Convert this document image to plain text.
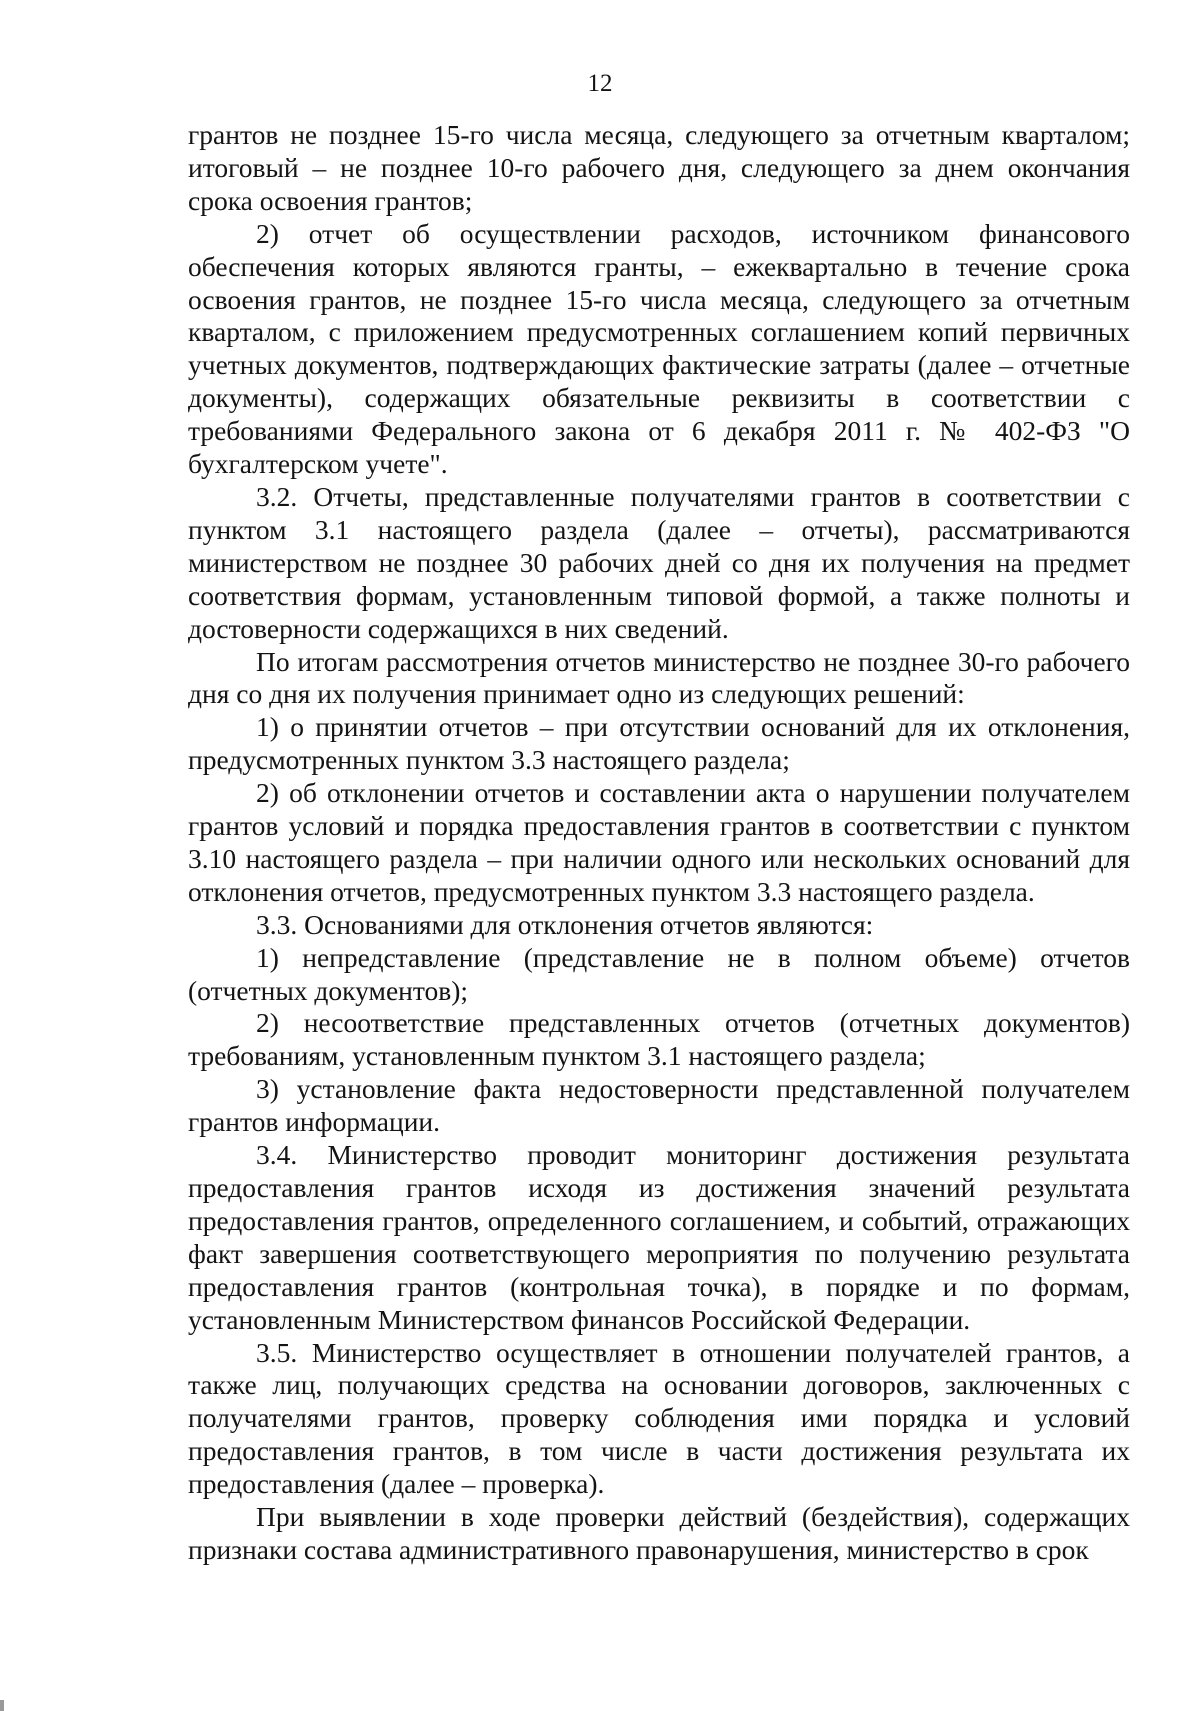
12

грантов не позднее 15-го числа месяца, следующего за отчетным кварталом; итоговый – не позднее 10-го рабочего дня, следующего за днем окончания срока освоения грантов;

2) отчет об осуществлении расходов, источником финансового обеспечения которых являются гранты, – ежеквартально в течение срока освоения грантов, не позднее 15-го числа месяца, следующего за отчетным кварталом, с приложением предусмотренных соглашением копий первичных учетных документов, подтверждающих фактические затраты (далее – отчетные документы), содержащих обязательные реквизиты в соответствии с требованиями Федерального закона от 6 декабря 2011 г. № 402-ФЗ "О бухгалтерском учете".

3.2. Отчеты, представленные получателями грантов в соответствии с пунктом 3.1 настоящего раздела (далее – отчеты), рассматриваются министерством не позднее 30 рабочих дней со дня их получения на предмет соответствия формам, установленным типовой формой, а также полноты и достоверности содержащихся в них сведений.

По итогам рассмотрения отчетов министерство не позднее 30-го рабочего дня со дня их получения принимает одно из следующих решений:

1) о принятии отчетов – при отсутствии оснований для их отклонения, предусмотренных пунктом 3.3 настоящего раздела;

2) об отклонении отчетов и составлении акта о нарушении получателем грантов условий и порядка предоставления грантов в соответствии с пунктом 3.10 настоящего раздела – при наличии одного или нескольких оснований для отклонения отчетов, предусмотренных пунктом 3.3 настоящего раздела.

3.3. Основаниями для отклонения отчетов являются:

1) непредставление (представление не в полном объеме) отчетов (отчетных документов);

2) несоответствие представленных отчетов (отчетных документов) требованиям, установленным пунктом 3.1 настоящего раздела;

3) установление факта недостоверности представленной получателем грантов информации.

3.4. Министерство проводит мониторинг достижения результата предоставления грантов исходя из достижения значений результата предоставления грантов, определенного соглашением, и событий, отражающих факт завершения соответствующего мероприятия по получению результата предоставления грантов (контрольная точка), в порядке и по формам, установленным Министерством финансов Российской Федерации.

3.5. Министерство осуществляет в отношении получателей грантов, а также лиц, получающих средства на основании договоров, заключенных с получателями грантов, проверку соблюдения ими порядка и условий предоставления грантов, в том числе в части достижения результата их предоставления (далее – проверка).

При выявлении в ходе проверки действий (бездействия), содержащих признаки состава административного правонарушения, министерство в срок
